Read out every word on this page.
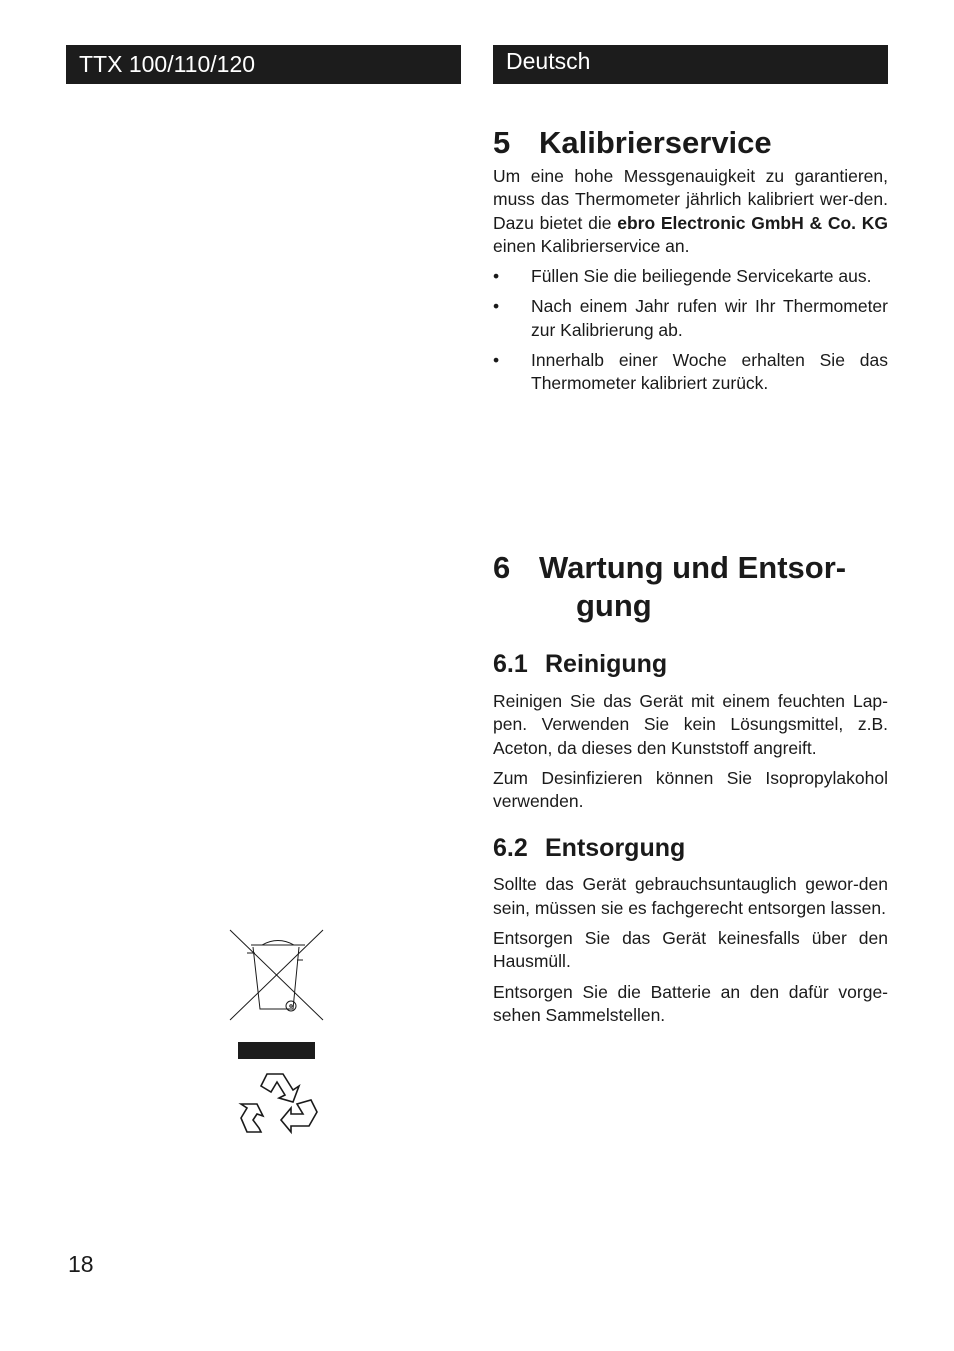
TTX 100/110/120	Deutsch
5 Kalibrierservice

Um eine hohe Messgenauigkeit zu garantieren, muss das Thermometer jährlich kalibriert wer-den. Dazu bietet die ebro Electronic GmbH & Co. KG einen Kalibrierservice an.

• Füllen Sie die beiliegende Servicekarte aus.
• Nach einem Jahr rufen wir Ihr Thermometer zur Kalibrierung ab.
• Innerhalb einer Woche erhalten Sie das Thermometer kalibriert zurück.
6 Wartung und Entsor-
gung
6.1 Reinigung

Reinigen Sie das Gerät mit einem feuchten Lap-pen. Verwenden Sie kein Lösungsmittel, z.B. Aceton, da dieses den Kunststoff angreift.

Zum Desinfizieren können Sie Isopropylakohol verwenden.

6.2 Entsorgung

Sollte das Gerät gebrauchsuntauglich gewor-den sein, müssen sie es fachgerecht entsorgen lassen.

Entsorgen Sie das Gerät keinesfalls über den Hausmüll.

Entsorgen Sie die Batterie an den dafür vorge-sehen Sammelstellen.

18
